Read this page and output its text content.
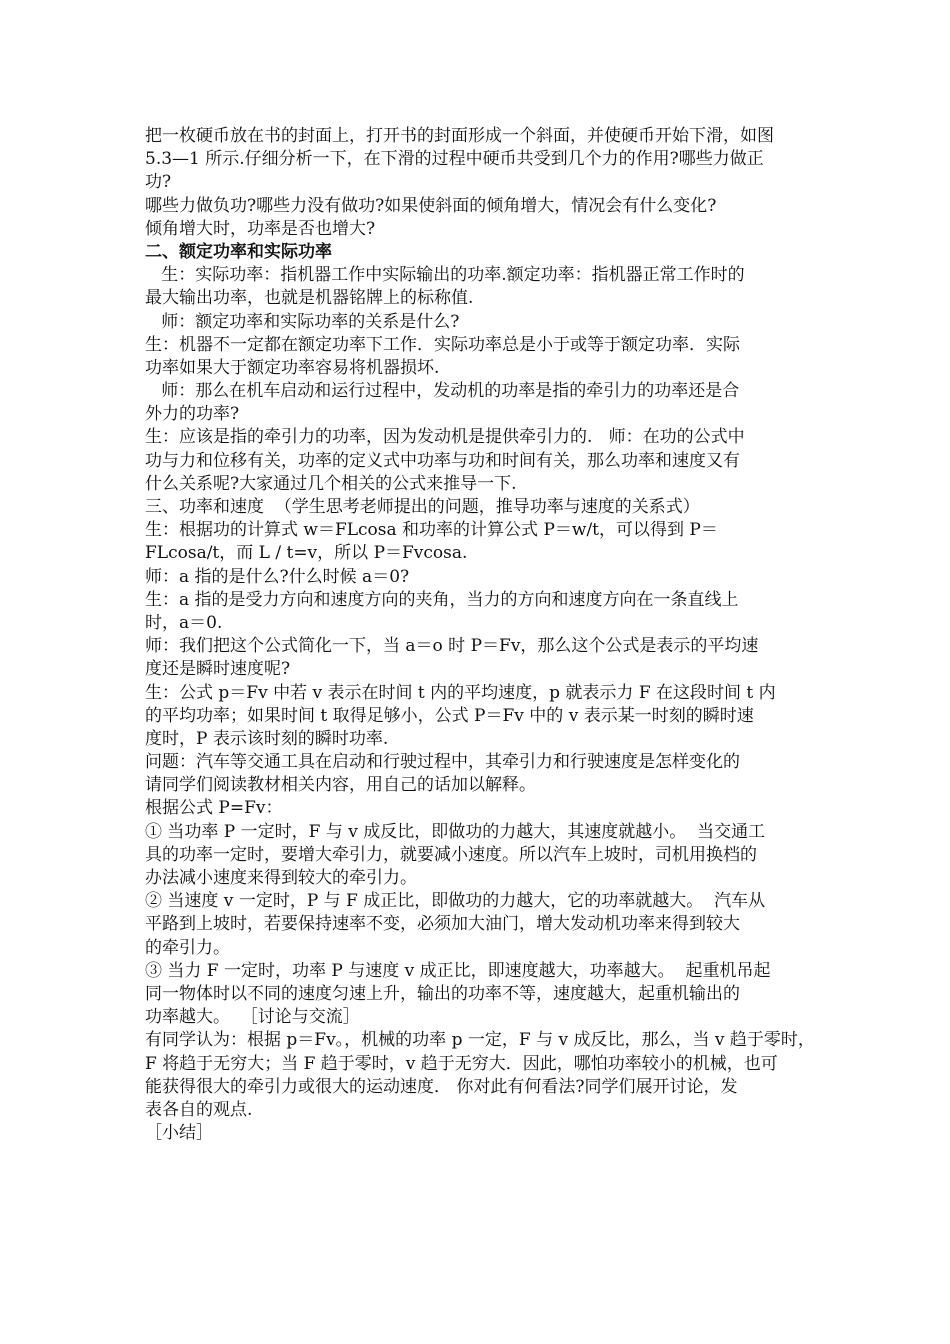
把一枚硬币放在书的封面上，打开书的封面形成一个斜面，并使硬币开始下滑，如图
5.3—1 所示.仔细分析一下，在下滑的过程中硬币共受到几个力的作用?哪些力做正
功?
哪些力做负功?哪些力没有做功?如果使斜面的倾角增大，情况会有什么变化?
倾角增大时，功率是否也增大?
二、额定功率和实际功率
生：实际功率：指机器工作中实际输出的功率.额定功率：指机器正常工作时的
最大输出功率，也就是机器铭牌上的标称值.
师：额定功率和实际功率的关系是什么?
生：机器不一定都在额定功率下工作．实际功率总是小于或等于额定功率．实际
功率如果大于额定功率容易将机器损坏.
师：那么在机车启动和运行过程中，发动机的功率是指的牵引力的功率还是合
外力的功率?
生：应该是指的牵引力的功率，因为发动机是提供牵引力的.   师：在功的公式中
功与力和位移有关，功率的定义式中功率与功和时间有关，那么功率和速度又有
什么关系呢?大家通过几个相关的公式来推导一下.
三、功率和速度  （学生思考老师提出的问题，推导功率与速度的关系式）
生：根据功的计算式 w＝FLcosa 和功率的计算公式 P＝w/t，可以得到 P＝
FLcosa/t，而 L / t=v，所以 P＝Fvcosa.
师：a 指的是什么?什么时候 a＝0?
生：a 指的是受力方向和速度方向的夹角，当力的方向和速度方向在一条直线上
时，a＝0.
师：我们把这个公式简化一下，当 a＝o 时 P＝Fv，那么这个公式是表示的平均速
度还是瞬时速度呢?
生：公式 p＝Fv 中若 v 表示在时间 t 内的平均速度，p 就表示力 F 在这段时间 t 内
的平均功率；如果时间 t 取得足够小，公式 P＝Fv 中的 v 表示某一时刻的瞬时速
度时，P 表示该时刻的瞬时功率.
问题：汽车等交通工具在启动和行驶过程中，其牵引力和行驶速度是怎样变化的
请同学们阅读教材相关内容，用自己的话加以解释。
根据公式 P=Fv：
① 当功率 P 一定时，F 与 v 成反比，即做功的力越大，其速度就越小。  当交通工
具的功率一定时，要增大牵引力，就要减小速度。所以汽车上坡时，司机用换档的
办法减小速度来得到较大的牵引力。
② 当速度 v 一定时，P 与 F 成正比，即做功的力越大，它的功率就越大。  汽车从
平路到上坡时，若要保持速率不变，必须加大油门，增大发动机功率来得到较大
的牵引力。
③ 当力 F 一定时，功率 P 与速度 v 成正比，即速度越大，功率越大。  起重机吊起
同一物体时以不同的速度匀速上升，输出的功率不等，速度越大，起重机输出的
功率越大。  ［讨论与交流］
有同学认为：根据 p＝Fv。，机械的功率 p 一定，F 与 v 成反比，那么，当 v 趋于零时，
F 将趋于无穷大；当 F 趋于零时，v 趋于无穷大．因此，哪怕功率较小的机械，也可
能获得很大的牵引力或很大的运动速度． 你对此有何看法?同学们展开讨论，发
表各自的观点.
［小结］
